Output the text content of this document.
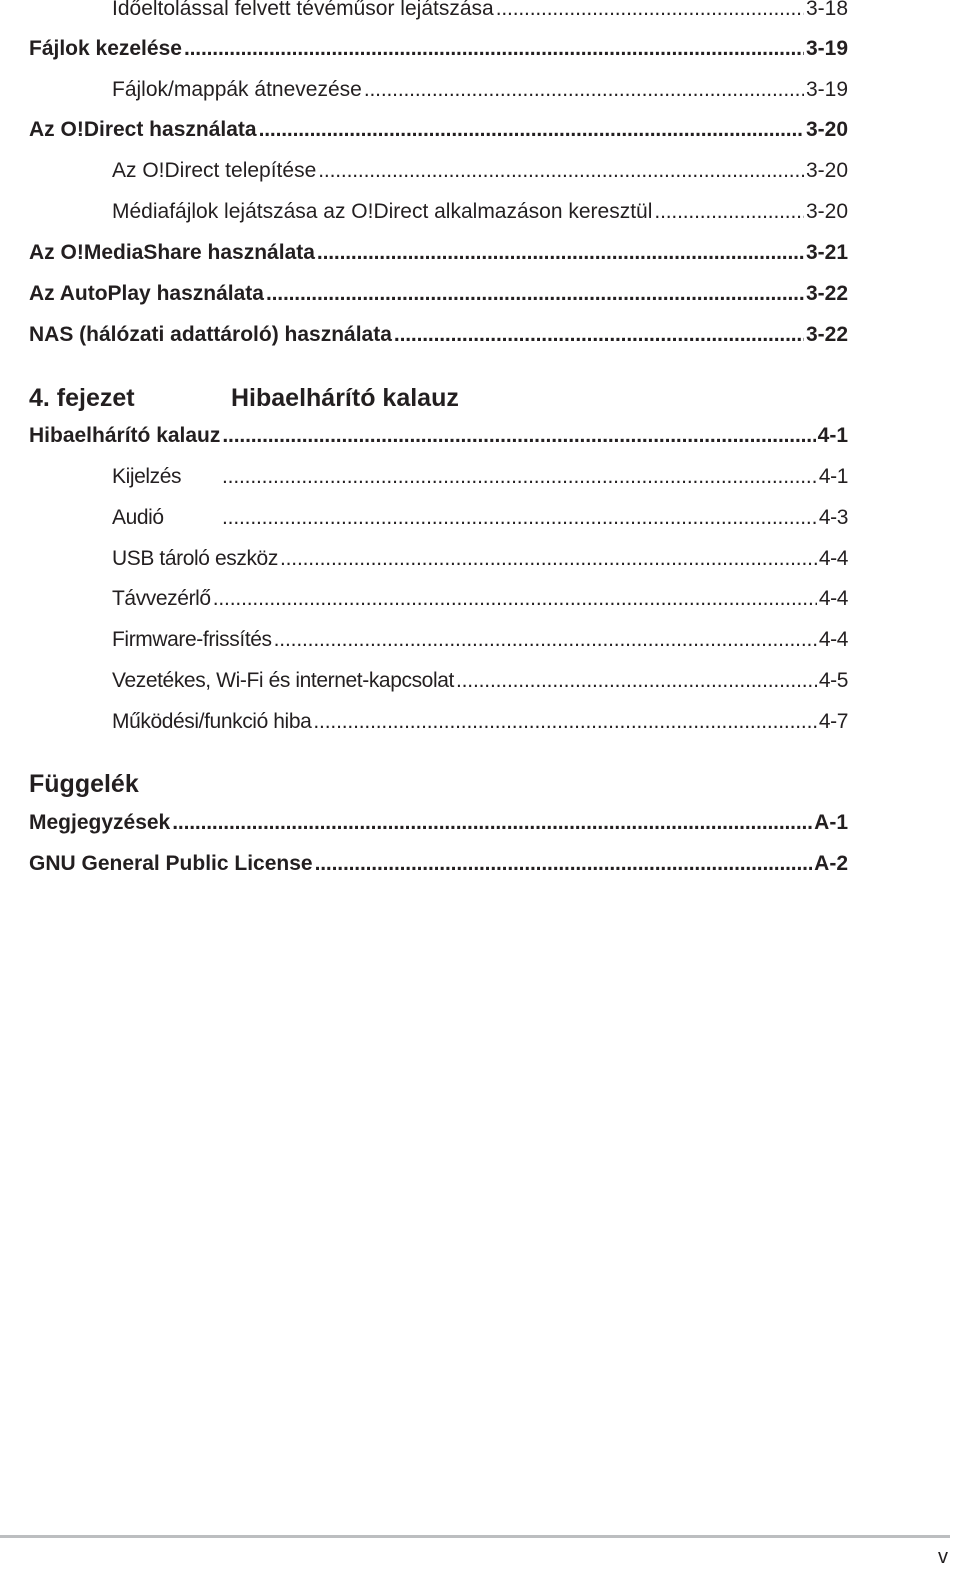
Időeltolással felvett tévéműsor lejátszása . . .	3-18
Fájlok kezelése . . .	3-19
Fájlok/mappák átnevezése . . .	3-19
Az O!Direct használata . . .	3-20
Az O!Direct telepítése . . .	3-20
Médiafájlok lejátszása az O!Direct alkalmazáson keresztül . . .	3-20
Az O!MediaShare használata . . .	3-21
Az AutoPlay használata . . .	3-22
NAS (hálózati adattároló) használata . . .	3-22
4. fejezet	Hibaelhárító kalauz
Hibaelhárító kalauz . . .	4-1
Kijelzés . . .	4-1
Audió . . .	4-3
USB tároló eszköz . . .	4-4
Távvezérlő . . .	4-4
Firmware-frissítés . . .	4-4
Vezetékes, Wi-Fi és internet-kapcsolat . . .	4-5
Működési/funkció hiba . . .	4-7
Függelék
Megjegyzések . . .	A-1
GNU General Public License . . .	A-2
v
